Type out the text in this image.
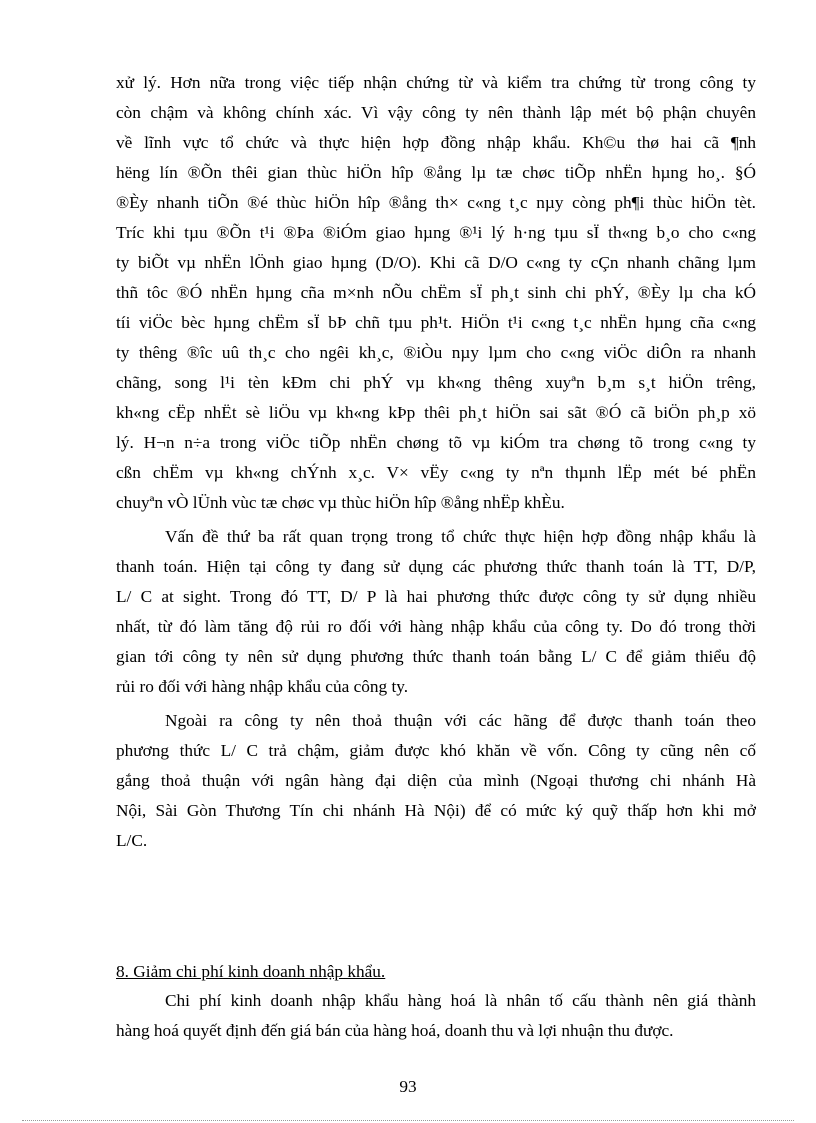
xử lý. Hơn nữa trong việc tiếp nhận chứng từ và kiểm tra chứng từ trong công ty
còn chậm và không chính xác. Vì vậy công ty nên thành lập mét bộ phận chuyên
về lĩnh vực tổ chức và thực hiện hợp đồng nhập khẩu. Kh©u thø hai cã ¶nh
hëng lín ®Õn thêi gian thùc hiÖn hîp ®ång lµ tæ chøc tiÕp nhËn hµng ho¸. §Ó
®Èy nhanh tiÕn ®é thùc hiÖn hîp ®ång th× c«ng t¸c nµy còng ph¶i thùc hiÖn tèt.
Tríc khi tµu ®Õn t¹i ®Þa ®iÓm giao hµng ®¹i lý h·ng tµu sÏ th«ng b¸o cho c«ng
ty biÕt vµ nhËn lÖnh giao hµng (D/O). Khi cã D/O c«ng ty cÇn nhanh chãng lµm
thñ tôc ®Ó nhËn hµng cña m×nh nÕu chËm sÏ ph¸t sinh chi phÝ, ®Èy lµ cha kÓ
tíi viÖc bèc hµng chËm sÏ bÞ chñ tµu ph¹t. HiÖn t¹i c«ng t¸c nhËn hµng cña c«ng
ty thêng ®îc uû th¸c cho ngêi kh¸c, ®iÒu nµy lµm cho c«ng viÖc diÔn ra nhanh
chãng, song l¹i tèn kÐm chi phÝ vµ kh«ng thêng xuyªn b¸m s¸t hiÖn trêng,
kh«ng cËp nhËt sè liÖu vµ kh«ng kÞp thêi ph¸t hiÖn sai sãt ®Ó cã biÖn ph¸p xö
lý. H¬n n÷a trong viÖc tiÕp nhËn chøng tõ vµ kiÓm tra chøng tõ trong c«ng ty
cßn chËm vµ kh«ng chÝnh x¸c. V× vËy c«ng ty nªn thµnh lËp mét bé phËn
chuyªn vÒ lÜnh vùc tæ chøc vµ thùc hiÖn hîp ®ång nhËp khÈu.
Vấn đề thứ ba rất quan trọng trong tổ chức thực hiện hợp đồng nhập khẩu là
thanh toán. Hiện tại công ty đang sử dụng các phương thức thanh toán là TT, D/P,
L/ C at sight. Trong đó TT, D/ P là hai phương thức được công ty sử dụng nhiều
nhất, từ đó làm tăng độ rủi ro đối với hàng nhập khẩu của công ty. Do đó trong thời
gian tới công ty nên sử dụng phương thức thanh toán bằng L/ C để giảm thiểu độ
rủi ro đối với hàng nhập khẩu của công ty.
Ngoài ra công ty nên thoả thuận với các hãng để được thanh toán theo
phương thức L/ C trả chậm, giảm được khó khăn về vốn. Công ty cũng nên cố
gắng thoả thuận với ngân hàng đại diện của mình (Ngoại thương chi nhánh Hà
Nội, Sài Gòn Thương Tín chi nhánh Hà Nội) để có mức ký quỹ thấp hơn khi mở
L/C.
8. Giảm chi phí kinh doanh nhập khẩu.
Chi phí kinh doanh nhập khẩu hàng hoá là nhân tố cấu thành nên giá thành
hàng hoá quyết định đến giá bán của hàng hoá, doanh thu và lợi nhuận thu được.
93
